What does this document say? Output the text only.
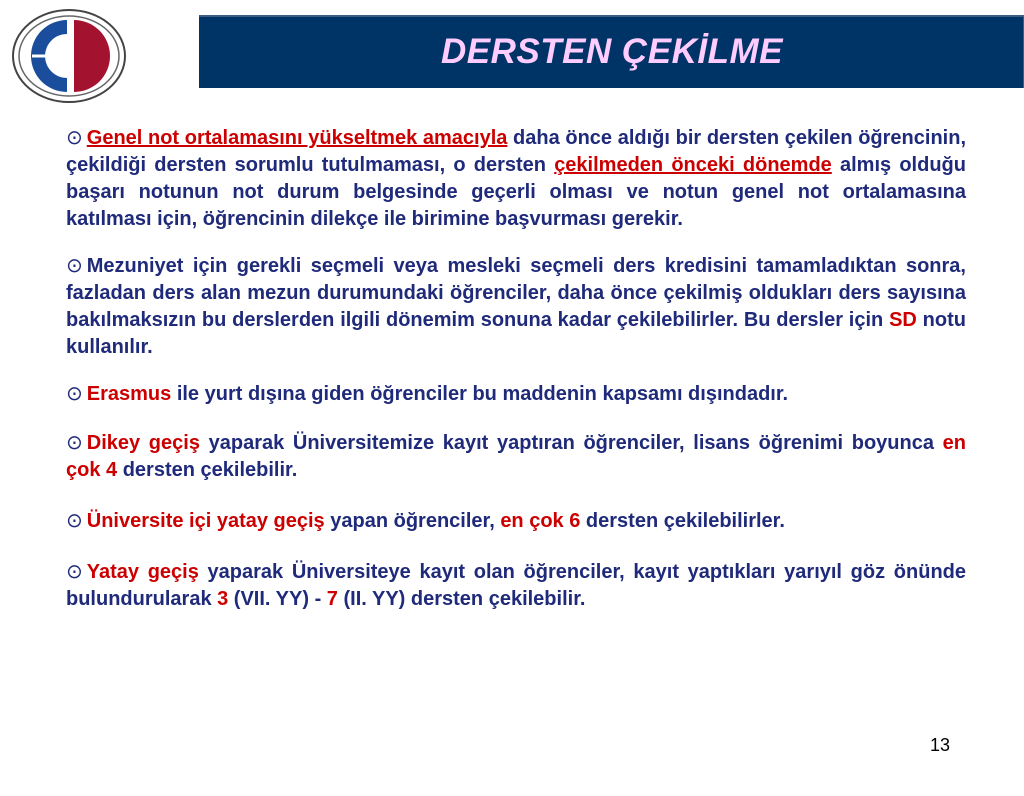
DERSTEN ÇEKİLME

⊙ Genel not ortalamasını yükseltmek amacıyla daha önce aldığı bir dersten çekilen öğrencinin, çekildiği dersten sorumlu tutulmaması, o dersten çekilmeden önceki dönemde almış olduğu başarı notunun not durum belgesinde geçerli olması ve notun genel not ortalamasına katılması için, öğrencinin dilekçe ile birimine başvurması gerekir.

⊙ Mezuniyet için gerekli seçmeli veya mesleki seçmeli ders kredisini tamamladıktan sonra, fazladan ders alan mezun durumundaki öğrenciler, daha önce çekilmiş oldukları ders sayısına bakılmaksızın bu derslerden ilgili dönemim sonuna kadar çekilebilirler. Bu dersler için SD notu kullanılır.

⊙ Erasmus ile yurt dışına giden öğrenciler bu maddenin kapsamı dışındadır.

⊙ Dikey geçiş yaparak Üniversitemize kayıt yaptıran öğrenciler, lisans öğrenimi boyunca en çok 4 dersten çekilebilir.

⊙ Üniversite içi yatay geçiş yapan öğrenciler, en çok 6 dersten çekilebilirler.

⊙ Yatay geçiş yaparak Üniversiteye kayıt olan öğrenciler, kayıt yaptıkları yarıyıl göz önünde bulundurularak 3 (VII. YY) - 7 (II. YY) dersten çekilebilir.

13
